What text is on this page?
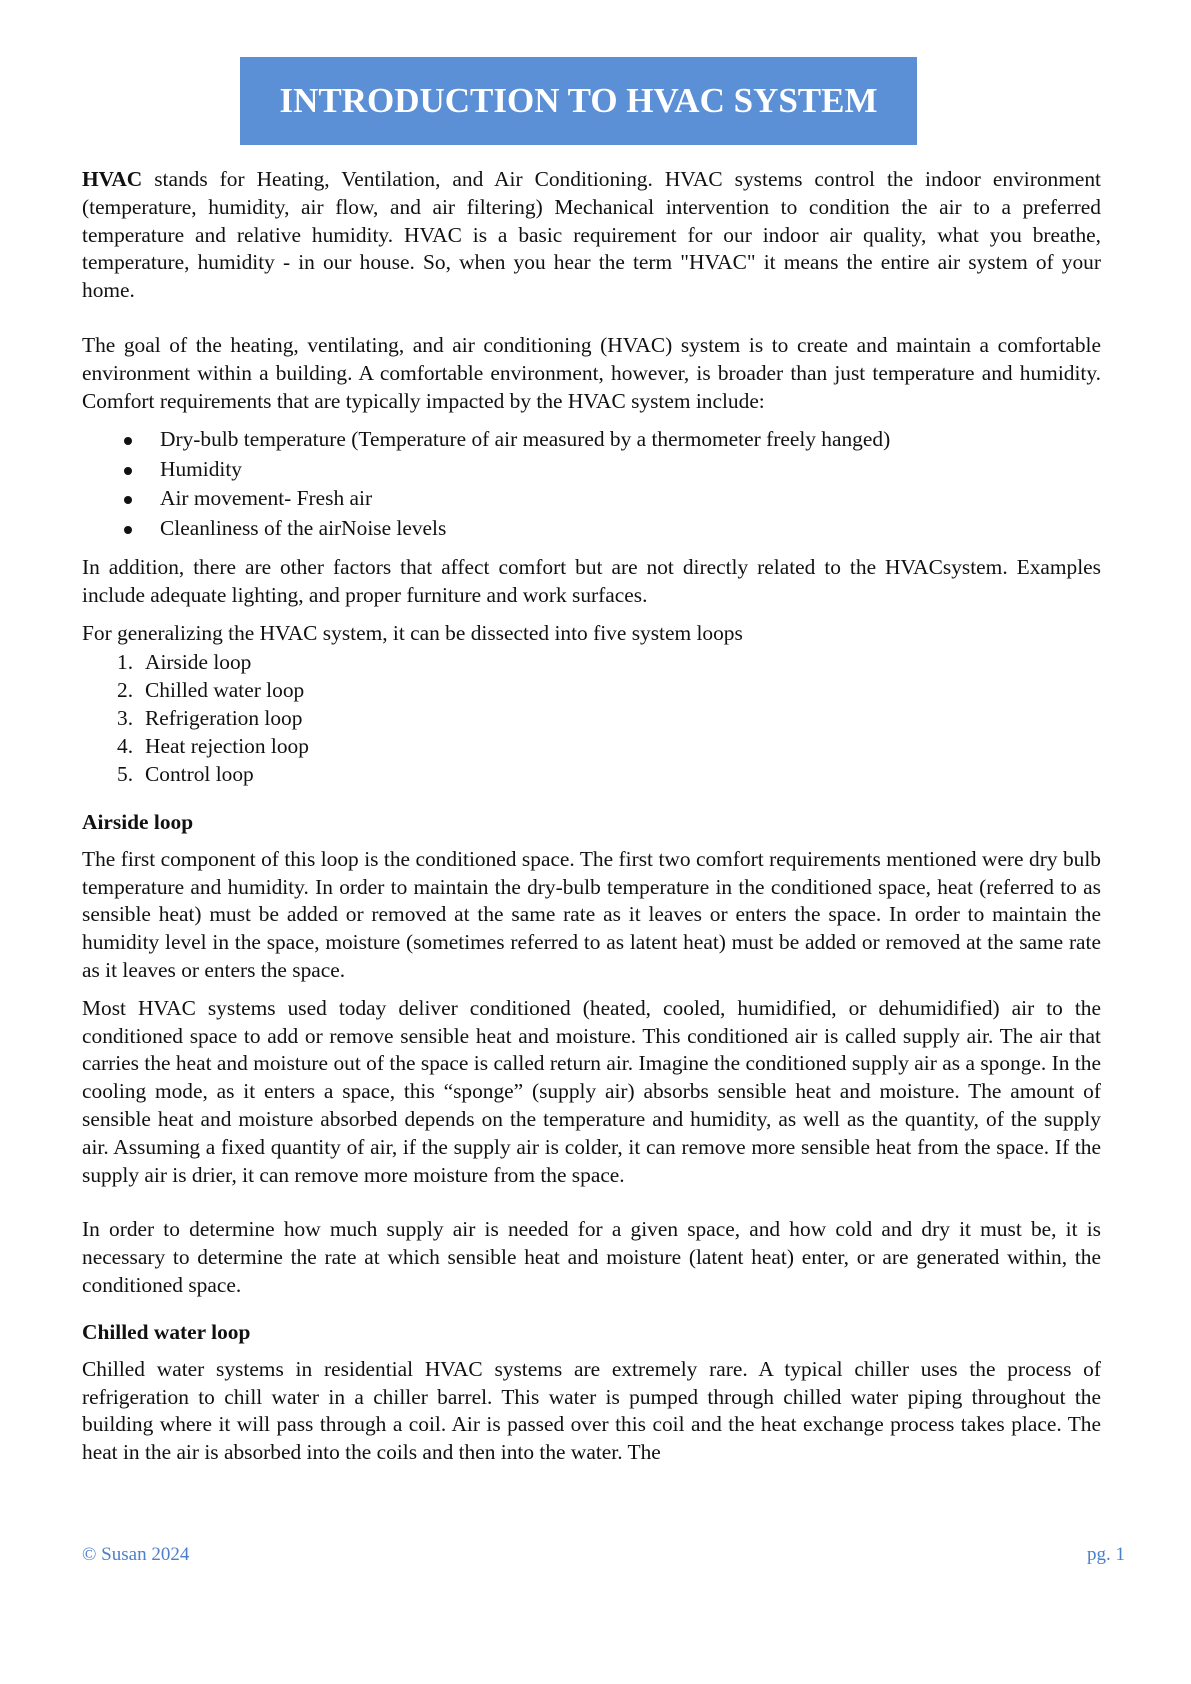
INTRODUCTION TO HVAC SYSTEM

HVAC stands for Heating, Ventilation, and Air Conditioning. HVAC systems control the indoor environment (temperature, humidity, air flow, and air filtering) Mechanical intervention to condition the air to a preferred temperature and relative humidity. HVAC is a basic requirement for our indoor air quality, what you breathe, temperature, humidity - in our house. So, when you hear the term "HVAC" it means the entire air system of your home.

The goal of the heating, ventilating, and air conditioning (HVAC) system is to create and maintain a comfortable environment within a building. A comfortable environment, however, is broader than just temperature and humidity. Comfort requirements that are typically impacted by the HVAC system include:

Dry-bulb temperature (Temperature of air measured by a thermometer freely hanged)
Humidity
Air movement- Fresh air
Cleanliness of the airNoise levels

In addition, there are other factors that affect comfort but are not directly related to the HVACsystem. Examples include adequate lighting, and proper furniture and work surfaces.

For generalizing the HVAC system, it can be dissected into five system loops

1. Airside loop
2. Chilled water loop
3. Refrigeration loop
4. Heat rejection loop
5. Control loop
Airside loop

The first component of this loop is the conditioned space. The first two comfort requirements mentioned were dry bulb temperature and humidity. In order to maintain the dry-bulb temperature in the conditioned space, heat (referred to as sensible heat) must be added or removed at the same rate as it leaves or enters the space. In order to maintain the humidity level in the space, moisture (sometimes referred to as latent heat) must be added or removed at the same rate as it leaves or enters the space.

Most HVAC systems used today deliver conditioned (heated, cooled, humidified, or dehumidified) air to the conditioned space to add or remove sensible heat and moisture. This conditioned air is called supply air. The air that carries the heat and moisture out of the space is called return air. Imagine the conditioned supply air as a sponge. In the cooling mode, as it enters a space, this “sponge” (supply air) absorbs sensible heat and moisture. The amount of sensible heat and moisture absorbed depends on the temperature and humidity, as well as the quantity, of the supply air. Assuming a fixed quantity of air, if the supply air is colder, it can remove more sensible heat from the space. If the supply air is drier, it can remove more moisture from the space.

In order to determine how much supply air is needed for a given space, and how cold and dry it must be, it is necessary to determine the rate at which sensible heat and moisture (latent heat) enter, or are generated within, the conditioned space.

Chilled water loop

Chilled water systems in residential HVAC systems are extremely rare. A typical chiller uses the process of refrigeration to chill water in a chiller barrel. This water is pumped through chilled water piping throughout the building where it will pass through a coil. Air is passed over this coil and the heat exchange process takes place. The heat in the air is absorbed into the coils and then into the water. The

© Susan 2024	pg. 1
